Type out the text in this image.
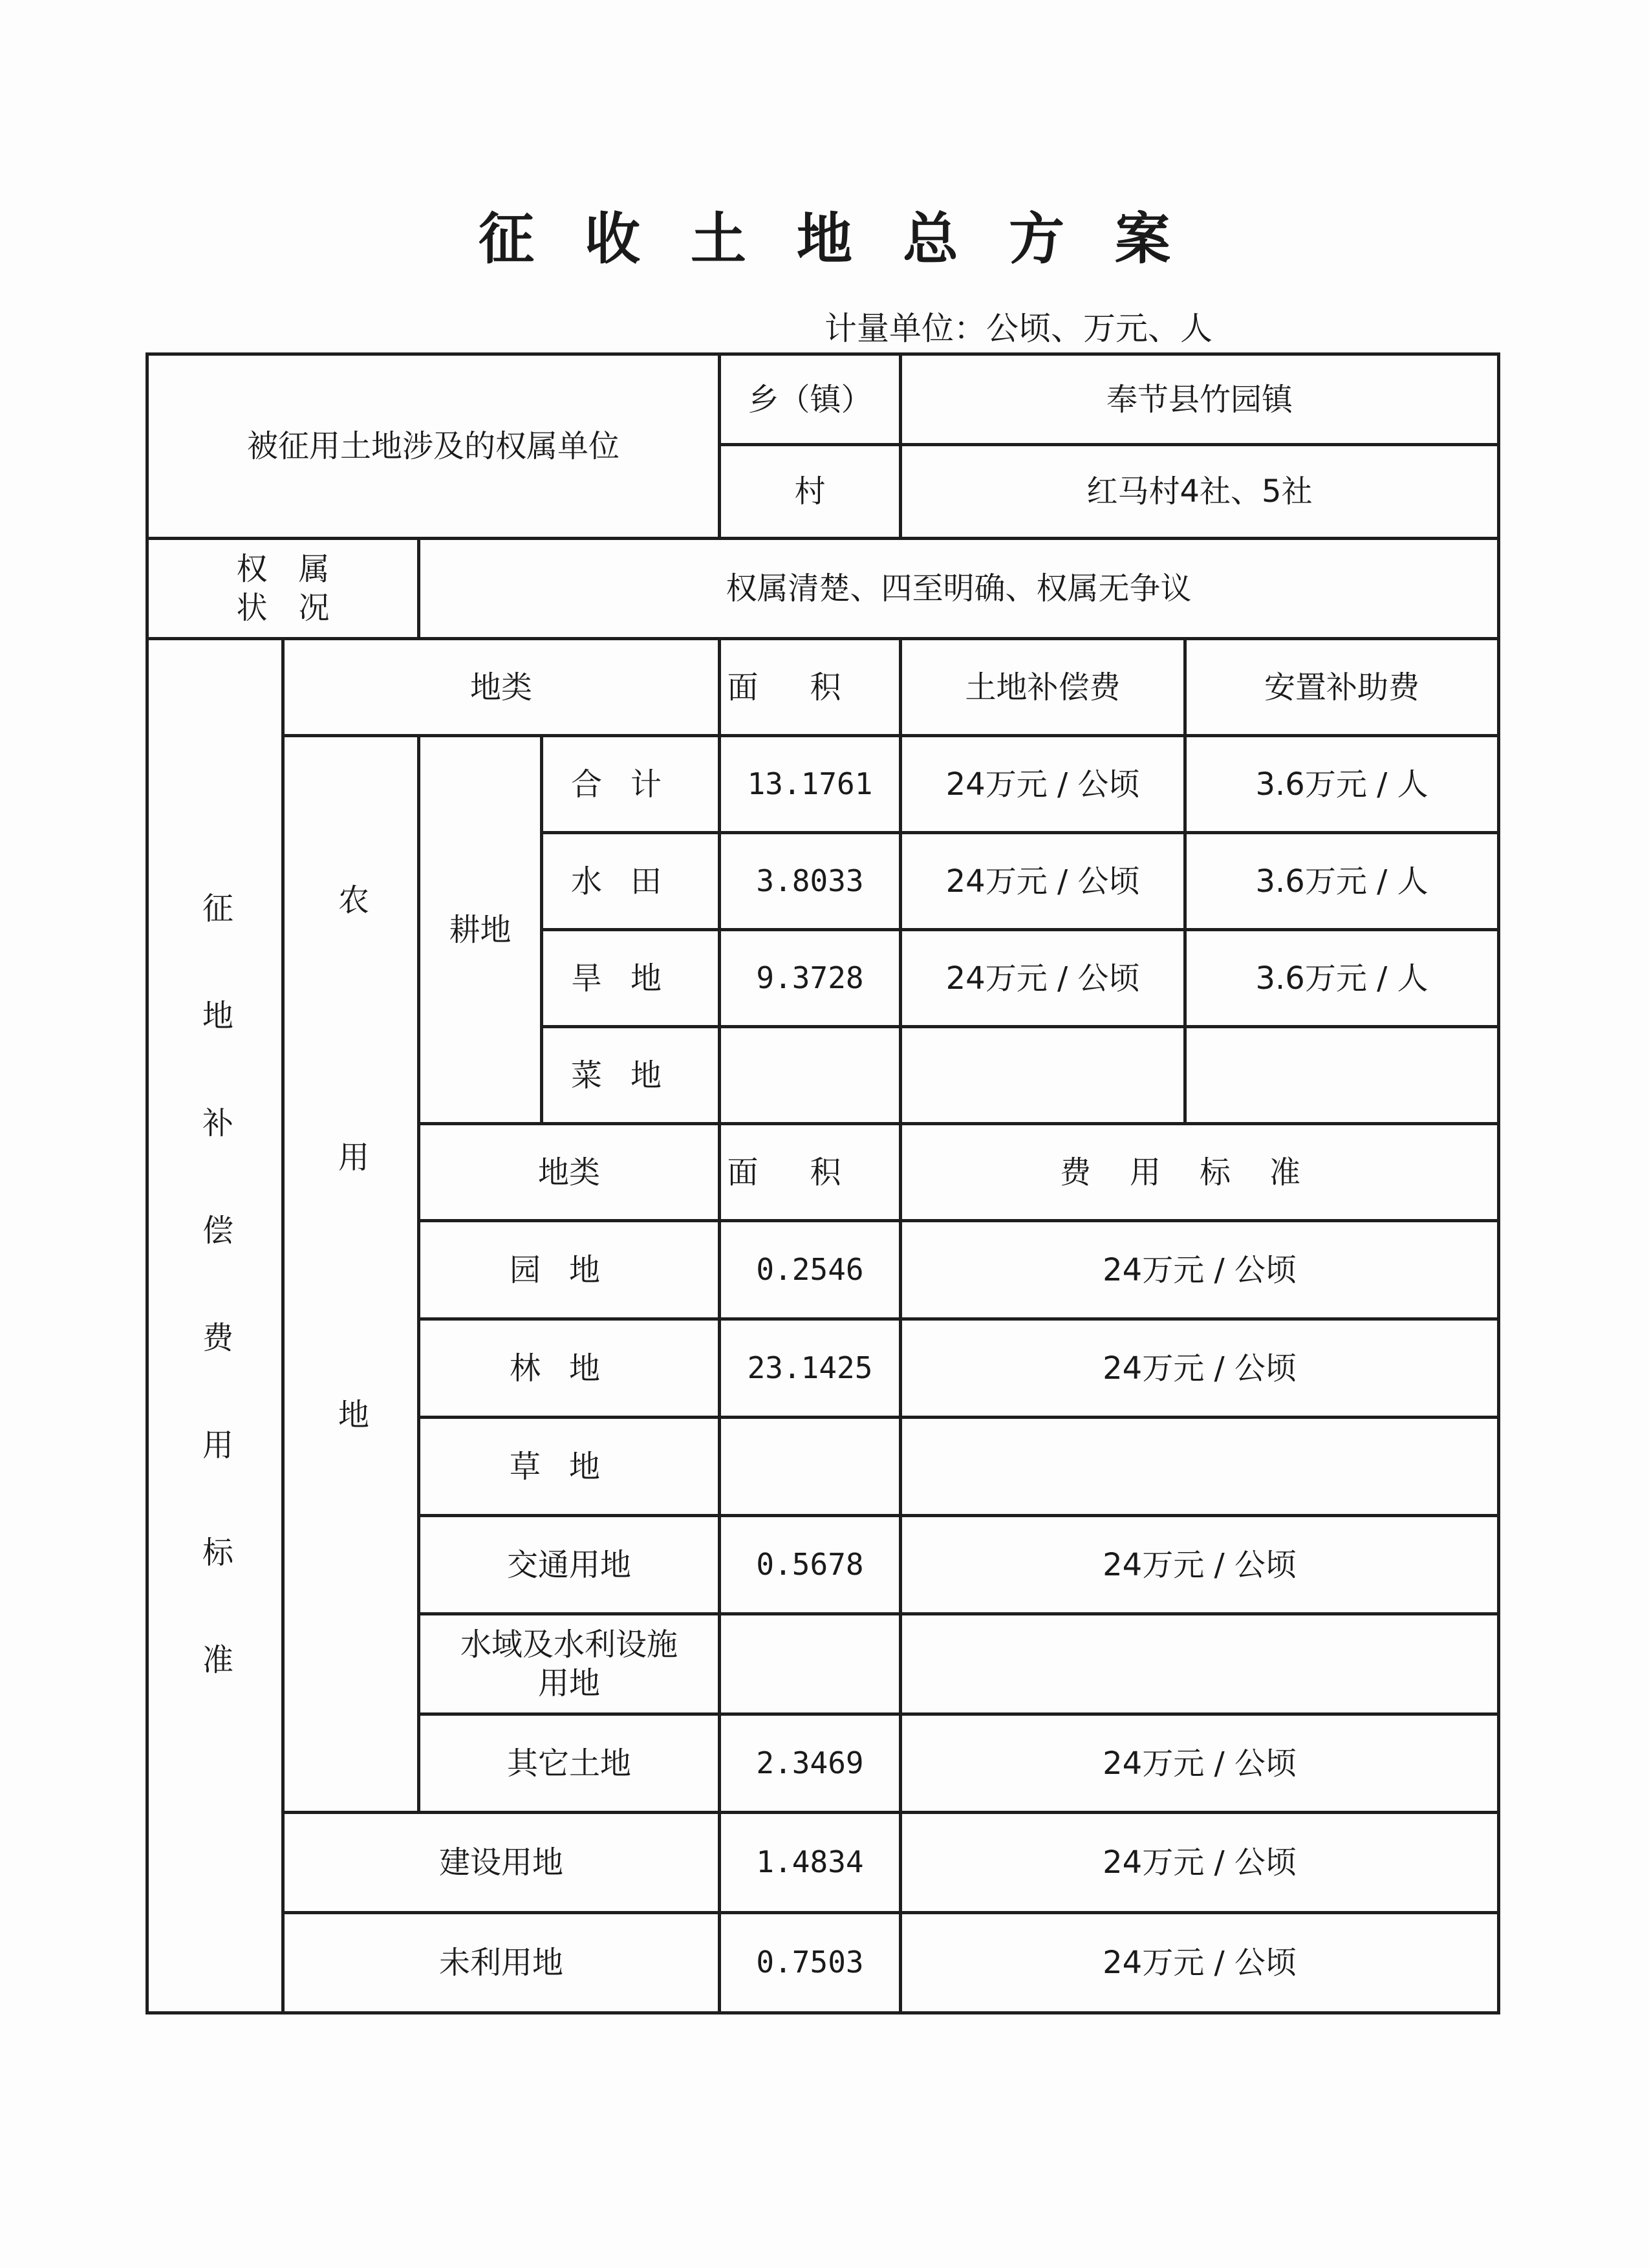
征收土地总方案
计量单位：公顷、万元、人
被征用土地涉及的权属单位				乡（镇）	奉节县竹园镇	
				村	红马村4社、5社	

权属
状况		权属清楚、四至明确、权属无争议				
征地补偿费用标准	地类			面积	土地补偿费	安置补助费
	农用地	耕地	合计	13.1761	24万元 / 公顷	3.6万元 / 人
			水田	3.8033	24万元 / 公顷	3.6万元 / 人
			旱地	9.3728	24万元 / 公顷	3.6万元 / 人
			菜地			
		地类		面积	费用标准	
		园地		0.2546	24万元 / 公顷	
		林地		23.1425	24万元 / 公顷	
		草地				
		交通用地		0.5678	24万元 / 公顷	

		水域及水利设施
用地				

		其它土地		2.3469	24万元 / 公顷	
	建设用地			1.4834	24万元 / 公顷	
	未利用地			0.7503	24万元 / 公顷	
